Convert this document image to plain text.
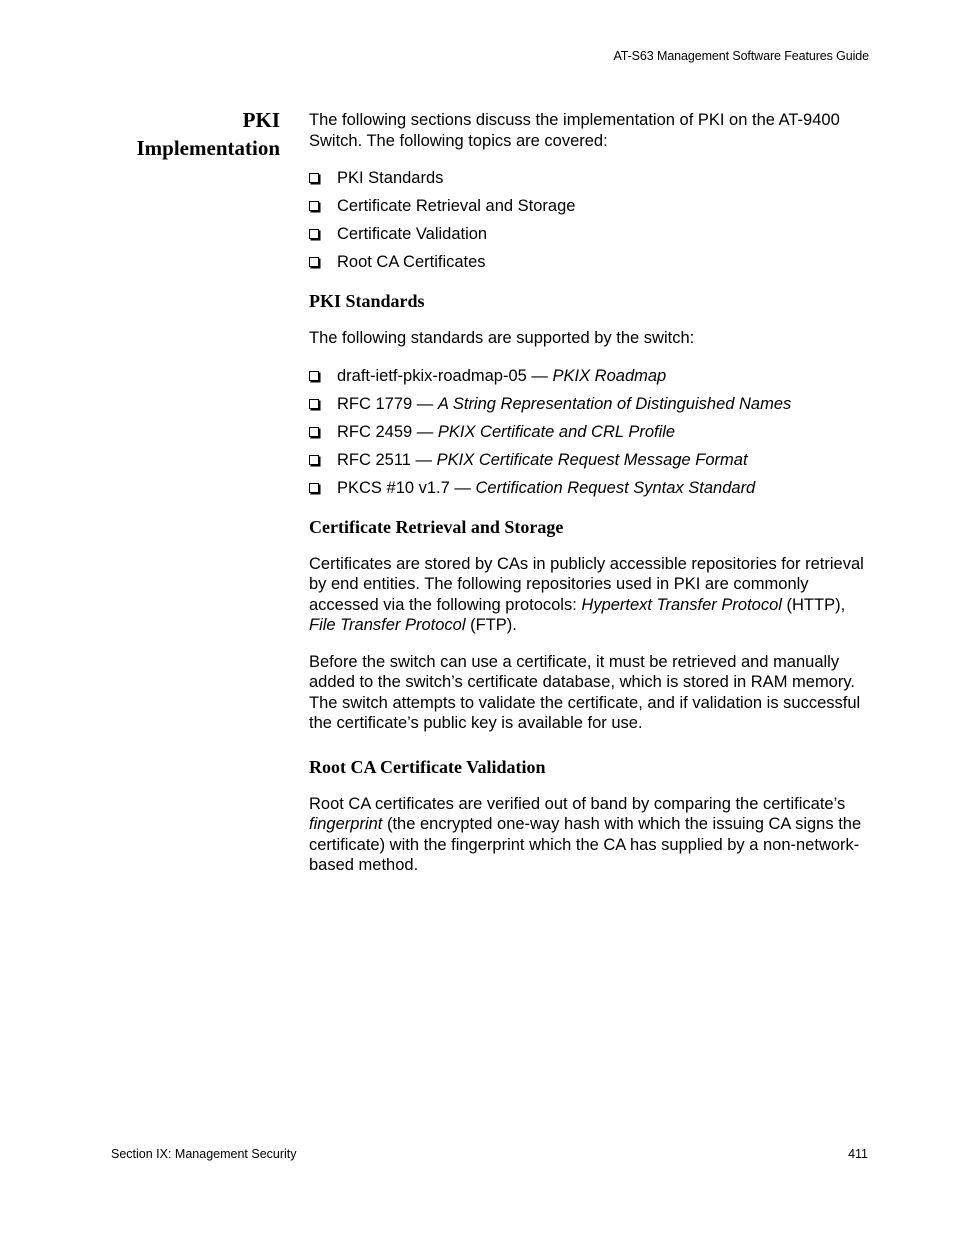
AT-S63 Management Software Features Guide
PKI
Implementation

The following sections discuss the implementation of PKI on the AT-9400 Switch. The following topics are covered:

PKI Standards
Certificate Retrieval and Storage
Certificate Validation
Root CA Certificates
PKI Standards

The following standards are supported by the switch:

draft-ietf-pkix-roadmap-05 — PKIX Roadmap
RFC 1779 — A String Representation of Distinguished Names
RFC 2459 — PKIX Certificate and CRL Profile
RFC 2511 — PKIX Certificate Request Message Format
PKCS #10 v1.7 — Certification Request Syntax Standard
Certificate Retrieval and Storage

Certificates are stored by CAs in publicly accessible repositories for retrieval by end entities. The following repositories used in PKI are commonly accessed via the following protocols: Hypertext Transfer Protocol (HTTP), File Transfer Protocol (FTP).

Before the switch can use a certificate, it must be retrieved and manually added to the switch’s certificate database, which is stored in RAM memory. The switch attempts to validate the certificate, and if validation is successful the certificate’s public key is available for use.

Root CA Certificate Validation

Root CA certificates are verified out of band by comparing the certificate’s fingerprint (the encrypted one-way hash with which the issuing CA signs the certificate) with the fingerprint which the CA has supplied by a non-network-based method.

Section IX: Management Security	411
